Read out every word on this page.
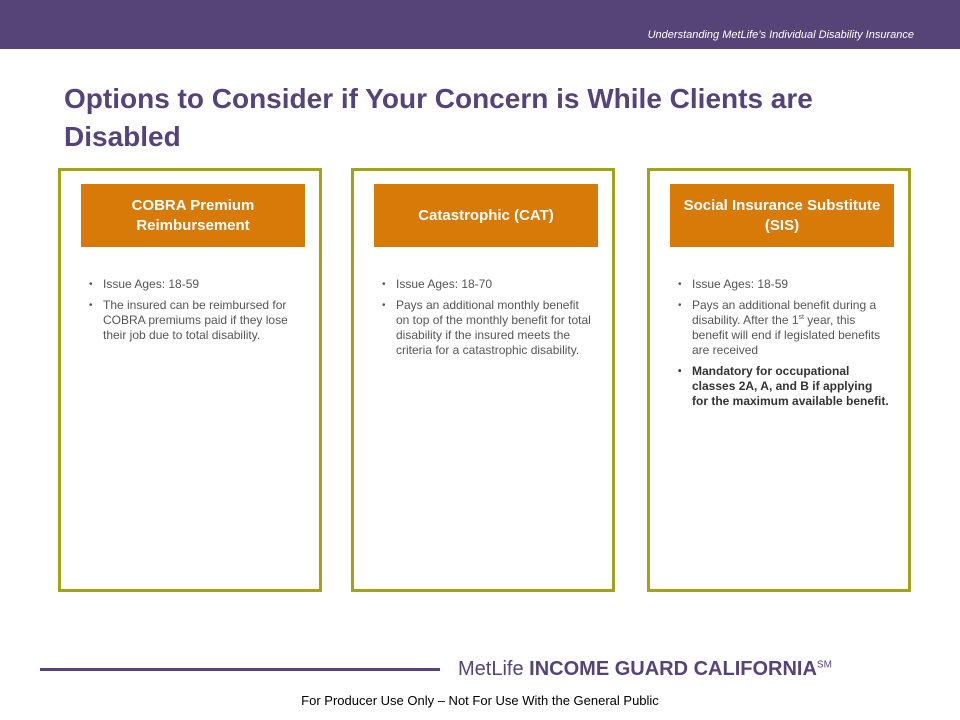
Understanding MetLife’s Individual Disability Insurance
Options to Consider if Your Concern is While Clients are Disabled
COBRA Premium Reimbursement
• Issue Ages: 18-59
• The insured can be reimbursed for COBRA premiums paid if they lose their job due to total disability.
Catastrophic (CAT)
• Issue Ages: 18-70
• Pays an additional monthly benefit on top of the monthly benefit for total disability if the insured meets the criteria for a catastrophic disability.
Social Insurance Substitute (SIS)
• Issue Ages: 18-59
• Pays an additional benefit during a disability. After the 1st year, this benefit will end if legislated benefits are received
• Mandatory for occupational classes 2A, A, and B if applying for the maximum available benefit.
MetLife INCOME GUARD CALIFORNIA℠
For Producer Use Only – Not For Use With the General Public
